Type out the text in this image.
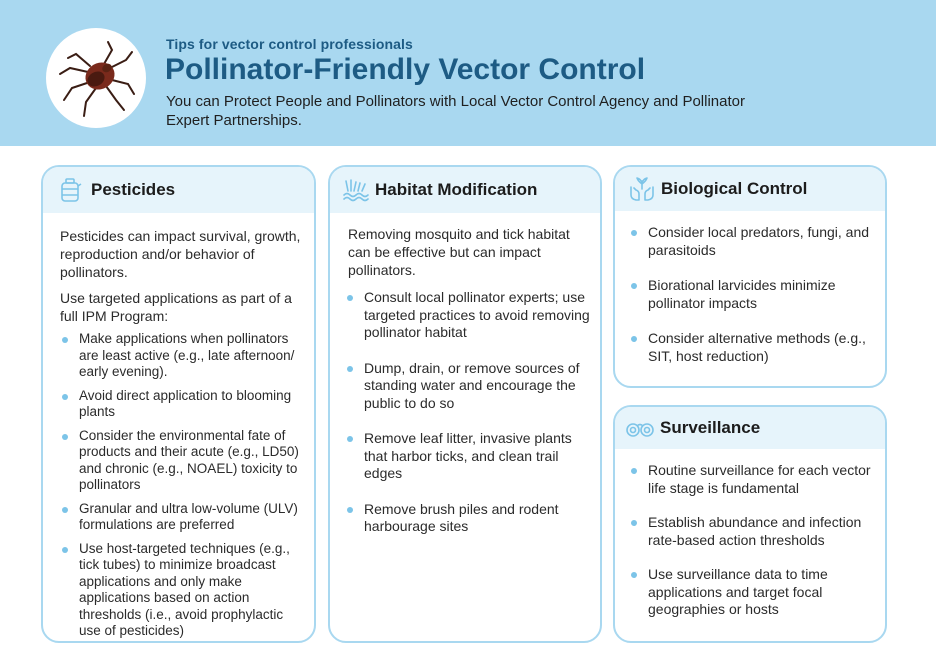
Tips for vector control professionals
Pollinator-Friendly Vector Control
You can Protect People and Pollinators with Local Vector Control Agency and Pollinator Expert Partnerships.
Pesticides

Pesticides can impact survival, growth, reproduction and/or behavior of pollinators.

Use targeted applications as part of a full IPM Program:

Make applications when pollinators are least active (e.g., late afternoon/ early evening).
Avoid direct application to blooming plants
Consider the environmental fate of products and their acute (e.g., LD50) and chronic (e.g., NOAEL) toxicity to pollinators
Granular and ultra low-volume (ULV) formulations are preferred
Use host-targeted techniques (e.g., tick tubes) to minimize broadcast applications and only make applications based on action thresholds (i.e., avoid prophylactic use of pesticides)
Habitat Modification

Removing mosquito and tick habitat can be effective but can impact pollinators.

Consult local pollinator experts; use targeted practices to avoid removing pollinator habitat
Dump, drain, or remove sources of standing water and encourage the public to do so
Remove leaf litter, invasive plants that harbor ticks, and clean trail edges
Remove brush piles and rodent harbourage sites
Biological Control
Consider local predators, fungi, and parasitoids
Biorational larvicides minimize pollinator impacts
Consider alternative methods (e.g., SIT, host reduction)
Surveillance
Routine surveillance for each vector life stage is fundamental
Establish abundance and infection rate-based action thresholds
Use surveillance data to time applications and target focal geographies or hosts
